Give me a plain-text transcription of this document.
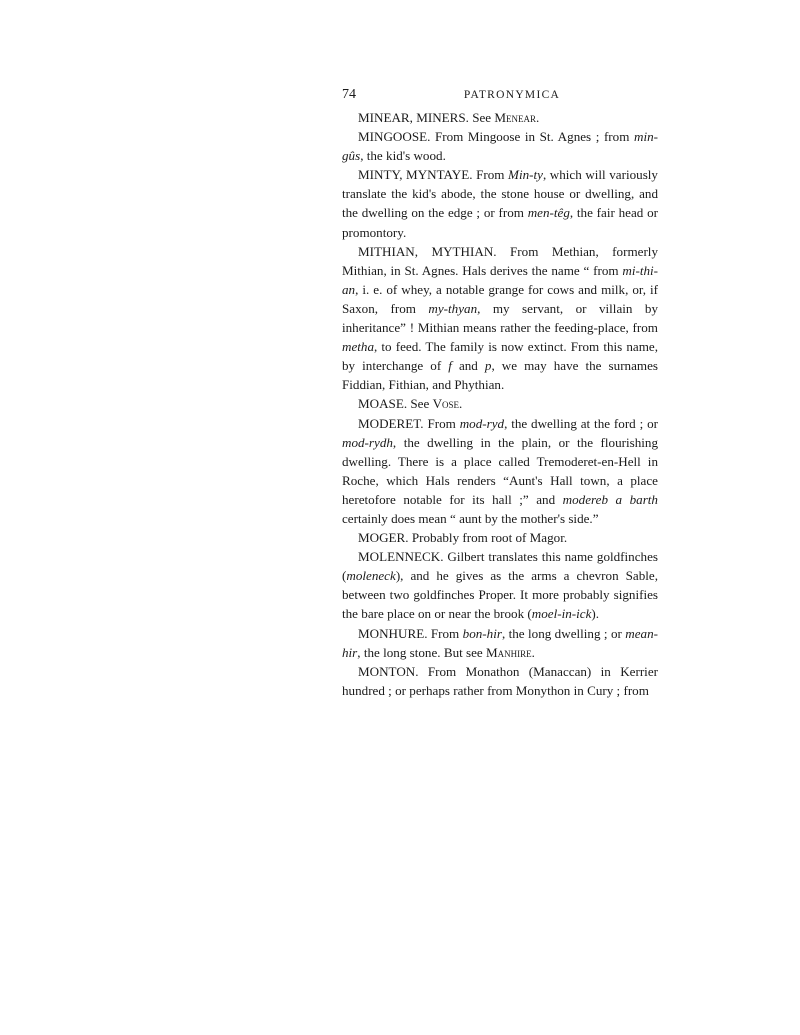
74	PATRONYMICA

MINEAR, MINERS. See Menear.

MINGOOSE. From Mingoose in St. Agnes ; from min-gûs, the kid's wood.

MINTY, MYNTAYE. From Min-ty, which will variously translate the kid's abode, the stone house or dwelling, and the dwelling on the edge ; or from men-têg, the fair head or promontory.

MITHIAN, MYTHIAN. From Methian, formerly Mithian, in St. Agnes. Hals derives the name “ from mi-thi-an, i. e. of whey, a notable grange for cows and milk, or, if Saxon, from my-thyan, my servant, or villain by inheritance” ! Mithian means rather the feeding-place, from metha, to feed. The family is now extinct. From this name, by interchange of f and p, we may have the surnames Fiddian, Fithian, and Phythian.

MOASE. See Vose.

MODERET. From mod-ryd, the dwelling at the ford ; or mod-rydh, the dwelling in the plain, or the flourishing dwelling. There is a place called Tremoderet-en-Hell in Roche, which Hals renders “Aunt's Hall town, a place heretofore notable for its hall ;” and modereb a barth certainly does mean “ aunt by the mother's side.”

MOGER. Probably from root of Magor.

MOLENNECK. Gilbert translates this name goldfinches (moleneck), and he gives as the arms a chevron Sable, between two goldfinches Proper. It more probably signifies the bare place on or near the brook (moel-in-ick).

MONHURE. From bon-hir, the long dwelling ; or mean-hir, the long stone. But see Manhire.

MONTON. From Monathon (Manaccan) in Kerrier hundred ; or perhaps rather from Monython in Cury ; from
